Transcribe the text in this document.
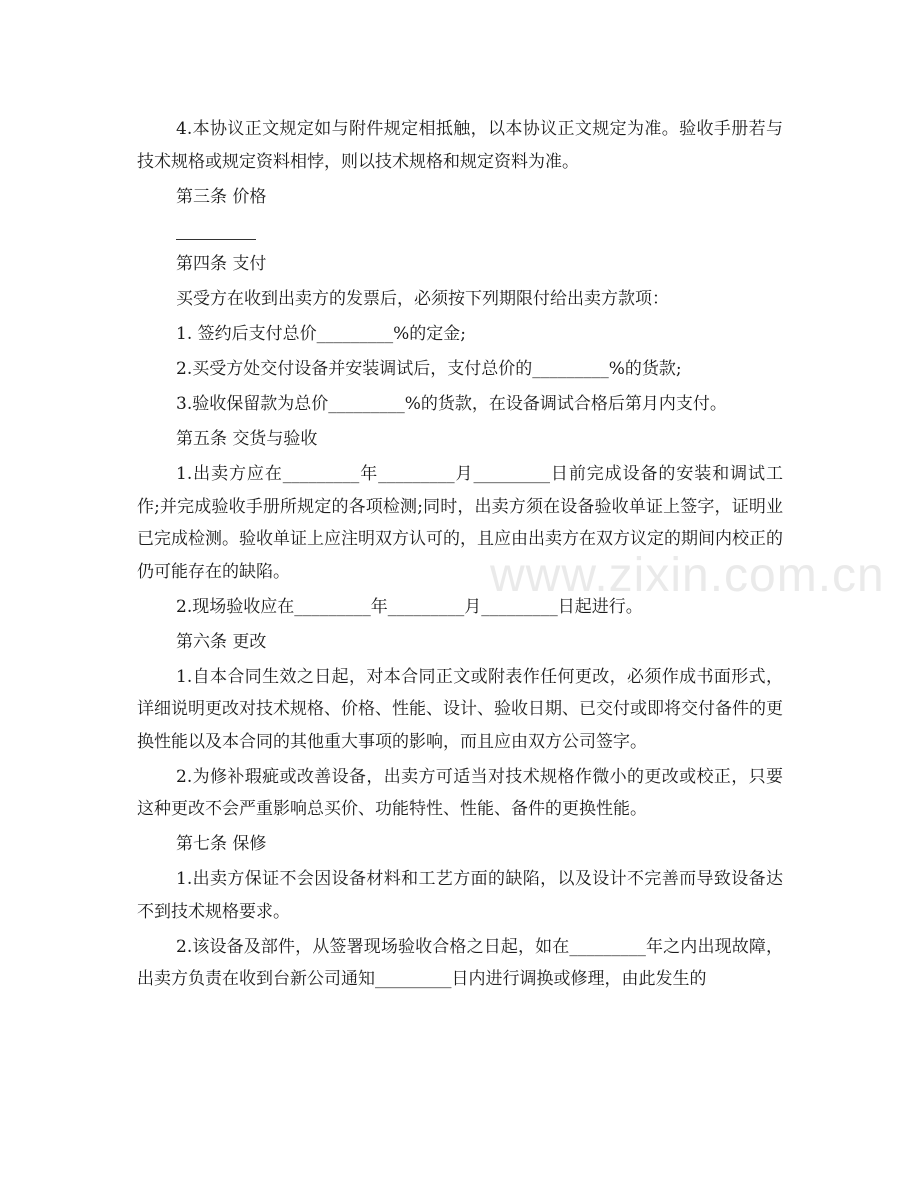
4.本协议正文规定如与附件规定相抵触，以本协议正文规定为准。验收手册若与技术规格或规定资料相悖，则以技术规格和规定资料为准。

第三条 价格

第四条 支付

买受方在收到出卖方的发票后，必须按下列期限付给出卖方款项：

1. 签约后支付总价_________%的定金;

2.买受方处交付设备并安装调试后，支付总价的_________%的货款;

3.验收保留款为总价_________%的货款，在设备调试合格后第月内支付。

第五条 交货与验收

1.出卖方应在_________年_________月_________日前完成设备的安装和调试工作;并完成验收手册所规定的各项检测;同时，出卖方须在设备验收单证上签字，证明业已完成检测。验收单证上应注明双方认可的，且应由出卖方在双方议定的期间内校正的仍可能存在的缺陷。

2.现场验收应在_________年_________月_________日起进行。

第六条 更改

1.自本合同生效之日起，对本合同正文或附表作任何更改，必须作成书面形式，详细说明更改对技术规格、价格、性能、设计、验收日期、已交付或即将交付备件的更换性能以及本合同的其他重大事项的影响，而且应由双方公司签字。

2.为修补瑕疵或改善设备，出卖方可适当对技术规格作微小的更改或校正，只要这种更改不会严重影响总买价、功能特性、性能、备件的更换性能。

第七条 保修

1.出卖方保证不会因设备材料和工艺方面的缺陷，以及设计不完善而导致设备达不到技术规格要求。

2.该设备及部件，从签署现场验收合格之日起，如在_________年之内出现故障，出卖方负责在收到台新公司通知_________日内进行调换或修理，由此发生的

www.zixin.com.cn
